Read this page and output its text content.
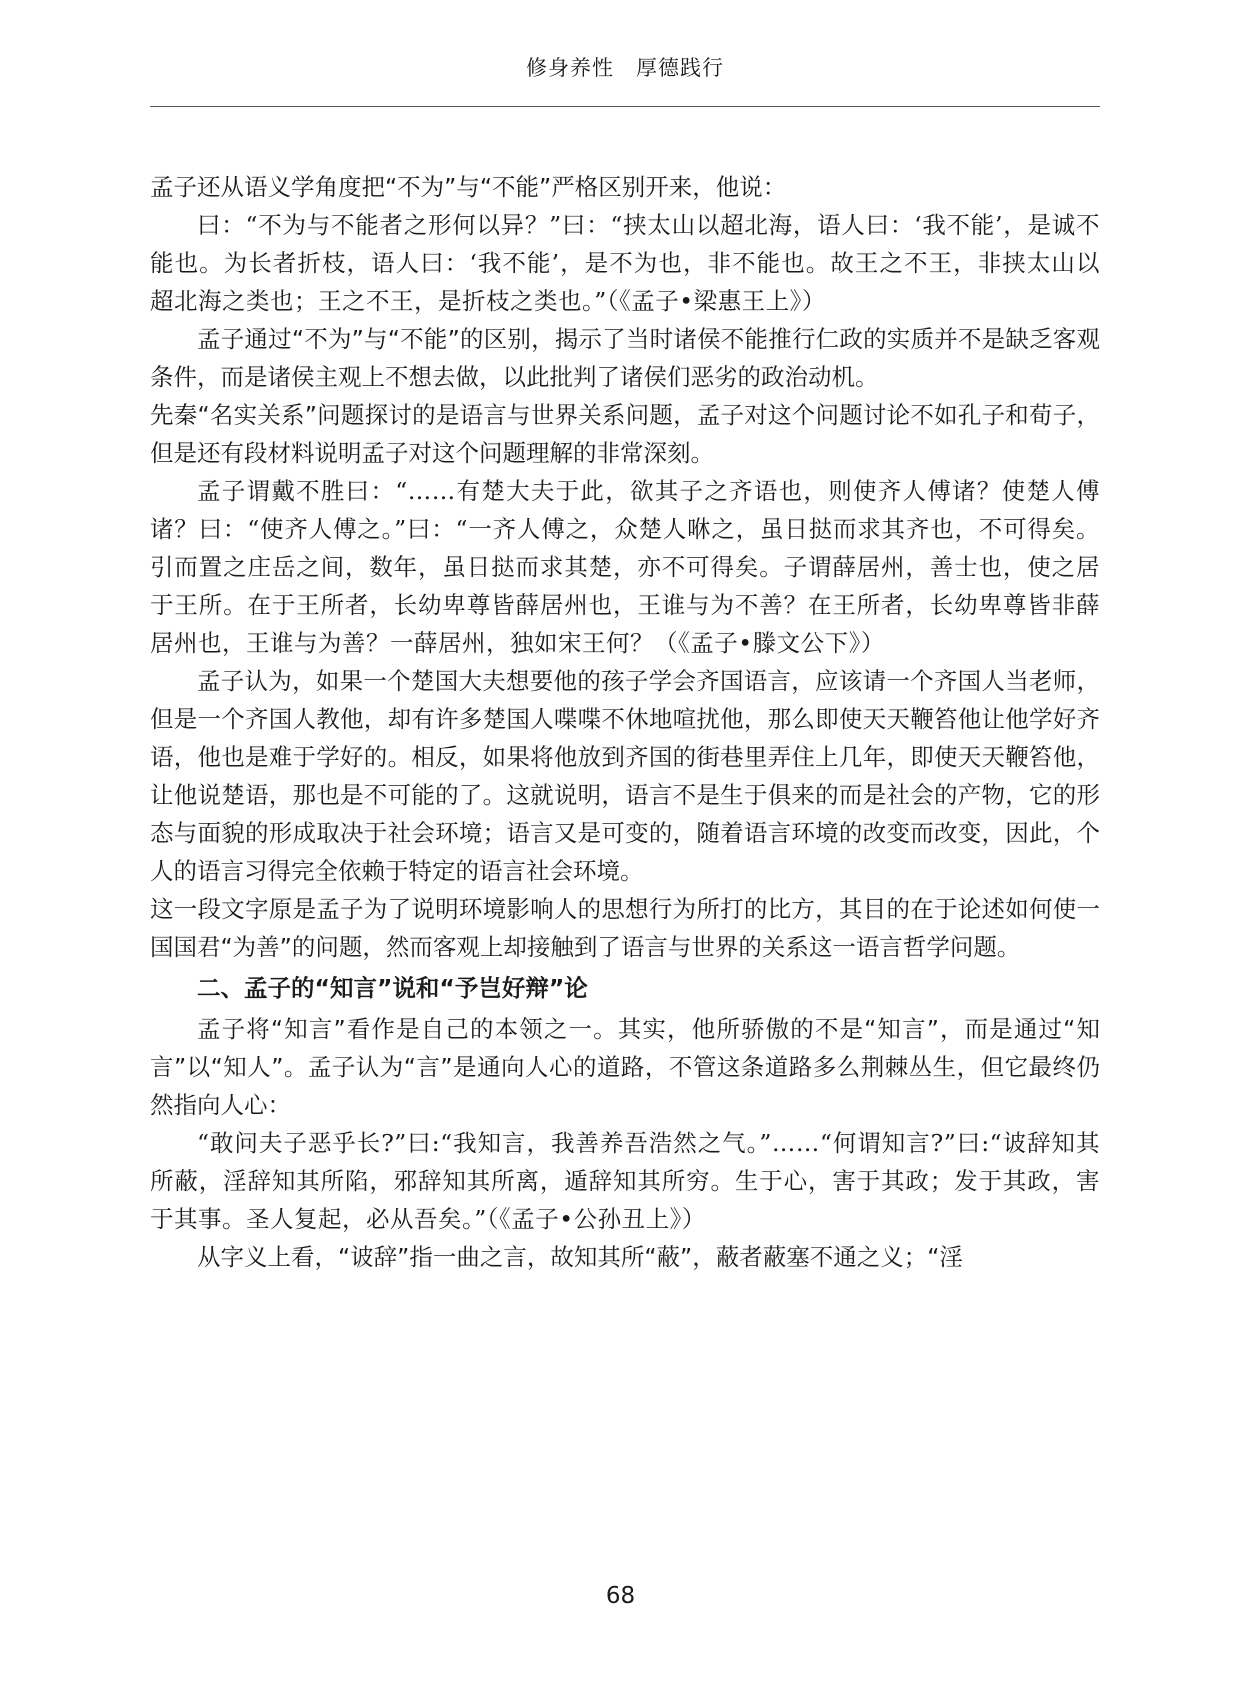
修身养性　厚德践行

孟子还从语义学角度把“不为”与“不能”严格区别开来，他说：

曰：“不为与不能者之形何以异？”曰：“挟太山以超北海，语人曰：‘我不能’，是诚不能也。为长者折枝，语人曰：‘我不能’，是不为也，非不能也。故王之不王，非挟太山以超北海之类也；王之不王，是折枝之类也。”（《孟子•梁惠王上》）

孟子通过“不为”与“不能”的区别，揭示了当时诸侯不能推行仁政的实质并不是缺乏客观条件，而是诸侯主观上不想去做，以此批判了诸侯们恶劣的政治动机。

先秦“名实关系”问题探讨的是语言与世界关系问题，孟子对这个问题讨论不如孔子和荀子，但是还有段材料说明孟子对这个问题理解的非常深刻。

孟子谓戴不胜曰：“……有楚大夫于此，欲其子之齐语也，则使齐人傅诸？使楚人傅诸？曰：“使齐人傅之。”曰：“一齐人傅之，众楚人咻之，虽日挞而求其齐也，不可得矣。引而置之庄岳之间，数年，虽日挞而求其楚，亦不可得矣。子谓薛居州，善士也，使之居于王所。在于王所者，长幼卑尊皆薛居州也，王谁与为不善？在王所者，长幼卑尊皆非薛居州也，王谁与为善？一薛居州，独如宋王何？（《孟子•滕文公下》）

孟子认为，如果一个楚国大夫想要他的孩子学会齐国语言，应该请一个齐国人当老师，但是一个齐国人教他，却有许多楚国人喋喋不休地喧扰他，那么即使天天鞭笞他让他学好齐语，他也是难于学好的。相反，如果将他放到齐国的街巷里弄住上几年，即使天天鞭笞他，让他说楚语，那也是不可能的了。这就说明，语言不是生于俱来的而是社会的产物，它的形态与面貌的形成取决于社会环境；语言又是可变的，随着语言环境的改变而改变，因此，个人的语言习得完全依赖于特定的语言社会环境。

这一段文字原是孟子为了说明环境影响人的思想行为所打的比方，其目的在于论述如何使一国国君“为善”的问题，然而客观上却接触到了语言与世界的关系这一语言哲学问题。

二、孟子的“知言”说和“予岂好辩”论

孟子将“知言”看作是自己的本领之一。其实，他所骄傲的不是“知言”，而是通过“知言”以“知人”。孟子认为“言”是通向人心的道路，不管这条道路多么荆棘丛生，但它最终仍然指向人心：

“敢问夫子恶乎长?”曰:“我知言，我善养吾浩然之气。”……“何谓知言?”曰:“诐辞知其所蔽，淫辞知其所陷，邪辞知其所离，遁辞知其所穷。生于心，害于其政；发于其政，害于其事。圣人复起，必从吾矣。”（《孟子•公孙丑上》）

从字义上看，“诐辞”指一曲之言，故知其所“蔽”，蔽者蔽塞不通之义；“淫

68
